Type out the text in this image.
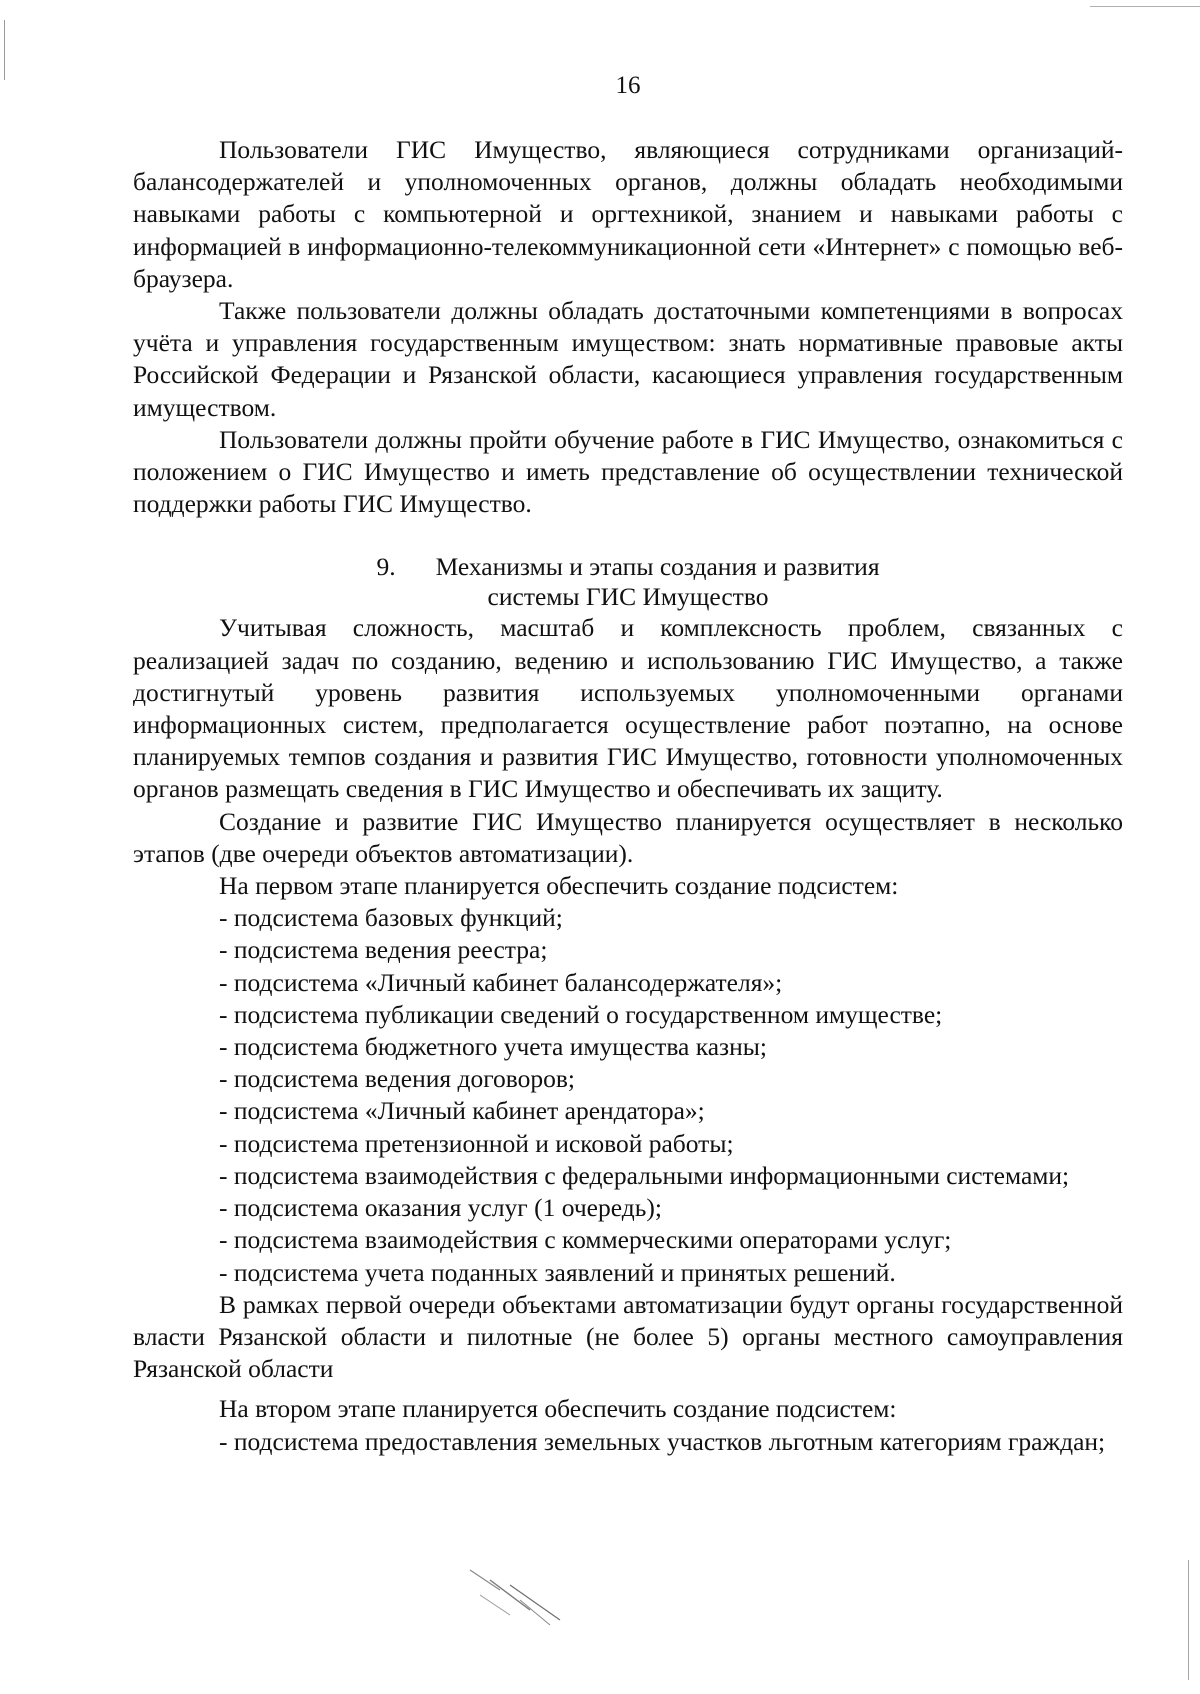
16

Пользователи ГИС Имущество, являющиеся сотрудниками организаций-балансодержателей и уполномоченных органов, должны обладать необходимыми навыками работы с компьютерной и оргтехникой, знанием и навыками работы с информацией в информационно-телекоммуникационной сети «Интернет» с помощью веб-браузера.

Также пользователи должны обладать достаточными компетенциями в вопросах учёта и управления государственным имуществом: знать нормативные правовые акты Российской Федерации и Рязанской области, касающиеся управления государственным имуществом.

Пользователи должны пройти обучение работе в ГИС Имущество, ознакомиться с положением о ГИС Имущество и иметь представление об осуществлении технической поддержки работы ГИС Имущество.

9. Механизмы и этапы создания и развития
системы ГИС Имущество

Учитывая сложность, масштаб и комплексность проблем, связанных с реализацией задач по созданию, ведению и использованию ГИС Имущество, а также достигнутый уровень развития используемых уполномоченными органами информационных систем, предполагается осуществление работ поэтапно, на основе планируемых темпов создания и развития ГИС Имущество, готовности уполномоченных органов размещать сведения в ГИС Имущество и обеспечивать их защиту.

Создание и развитие ГИС Имущество планируется осуществляет в несколько этапов (две очереди объектов автоматизации).

На первом этапе планируется обеспечить создание подсистем:

- подсистема базовых функций;

- подсистема ведения реестра;

- подсистема «Личный кабинет балансодержателя»;

- подсистема публикации сведений о государственном имуществе;

- подсистема бюджетного учета имущества казны;

- подсистема ведения договоров;

- подсистема «Личный кабинет арендатора»;

- подсистема претензионной и исковой работы;

- подсистема взаимодействия с федеральными информационными системами;

- подсистема оказания услуг (1 очередь);

- подсистема взаимодействия с коммерческими операторами услуг;

- подсистема учета поданных заявлений и принятых решений.

В рамках первой очереди объектами автоматизации будут органы государственной власти Рязанской области и пилотные (не более 5) органы местного самоуправления Рязанской области

На втором этапе планируется обеспечить создание подсистем:

- подсистема предоставления земельных участков льготным категориям граждан;
